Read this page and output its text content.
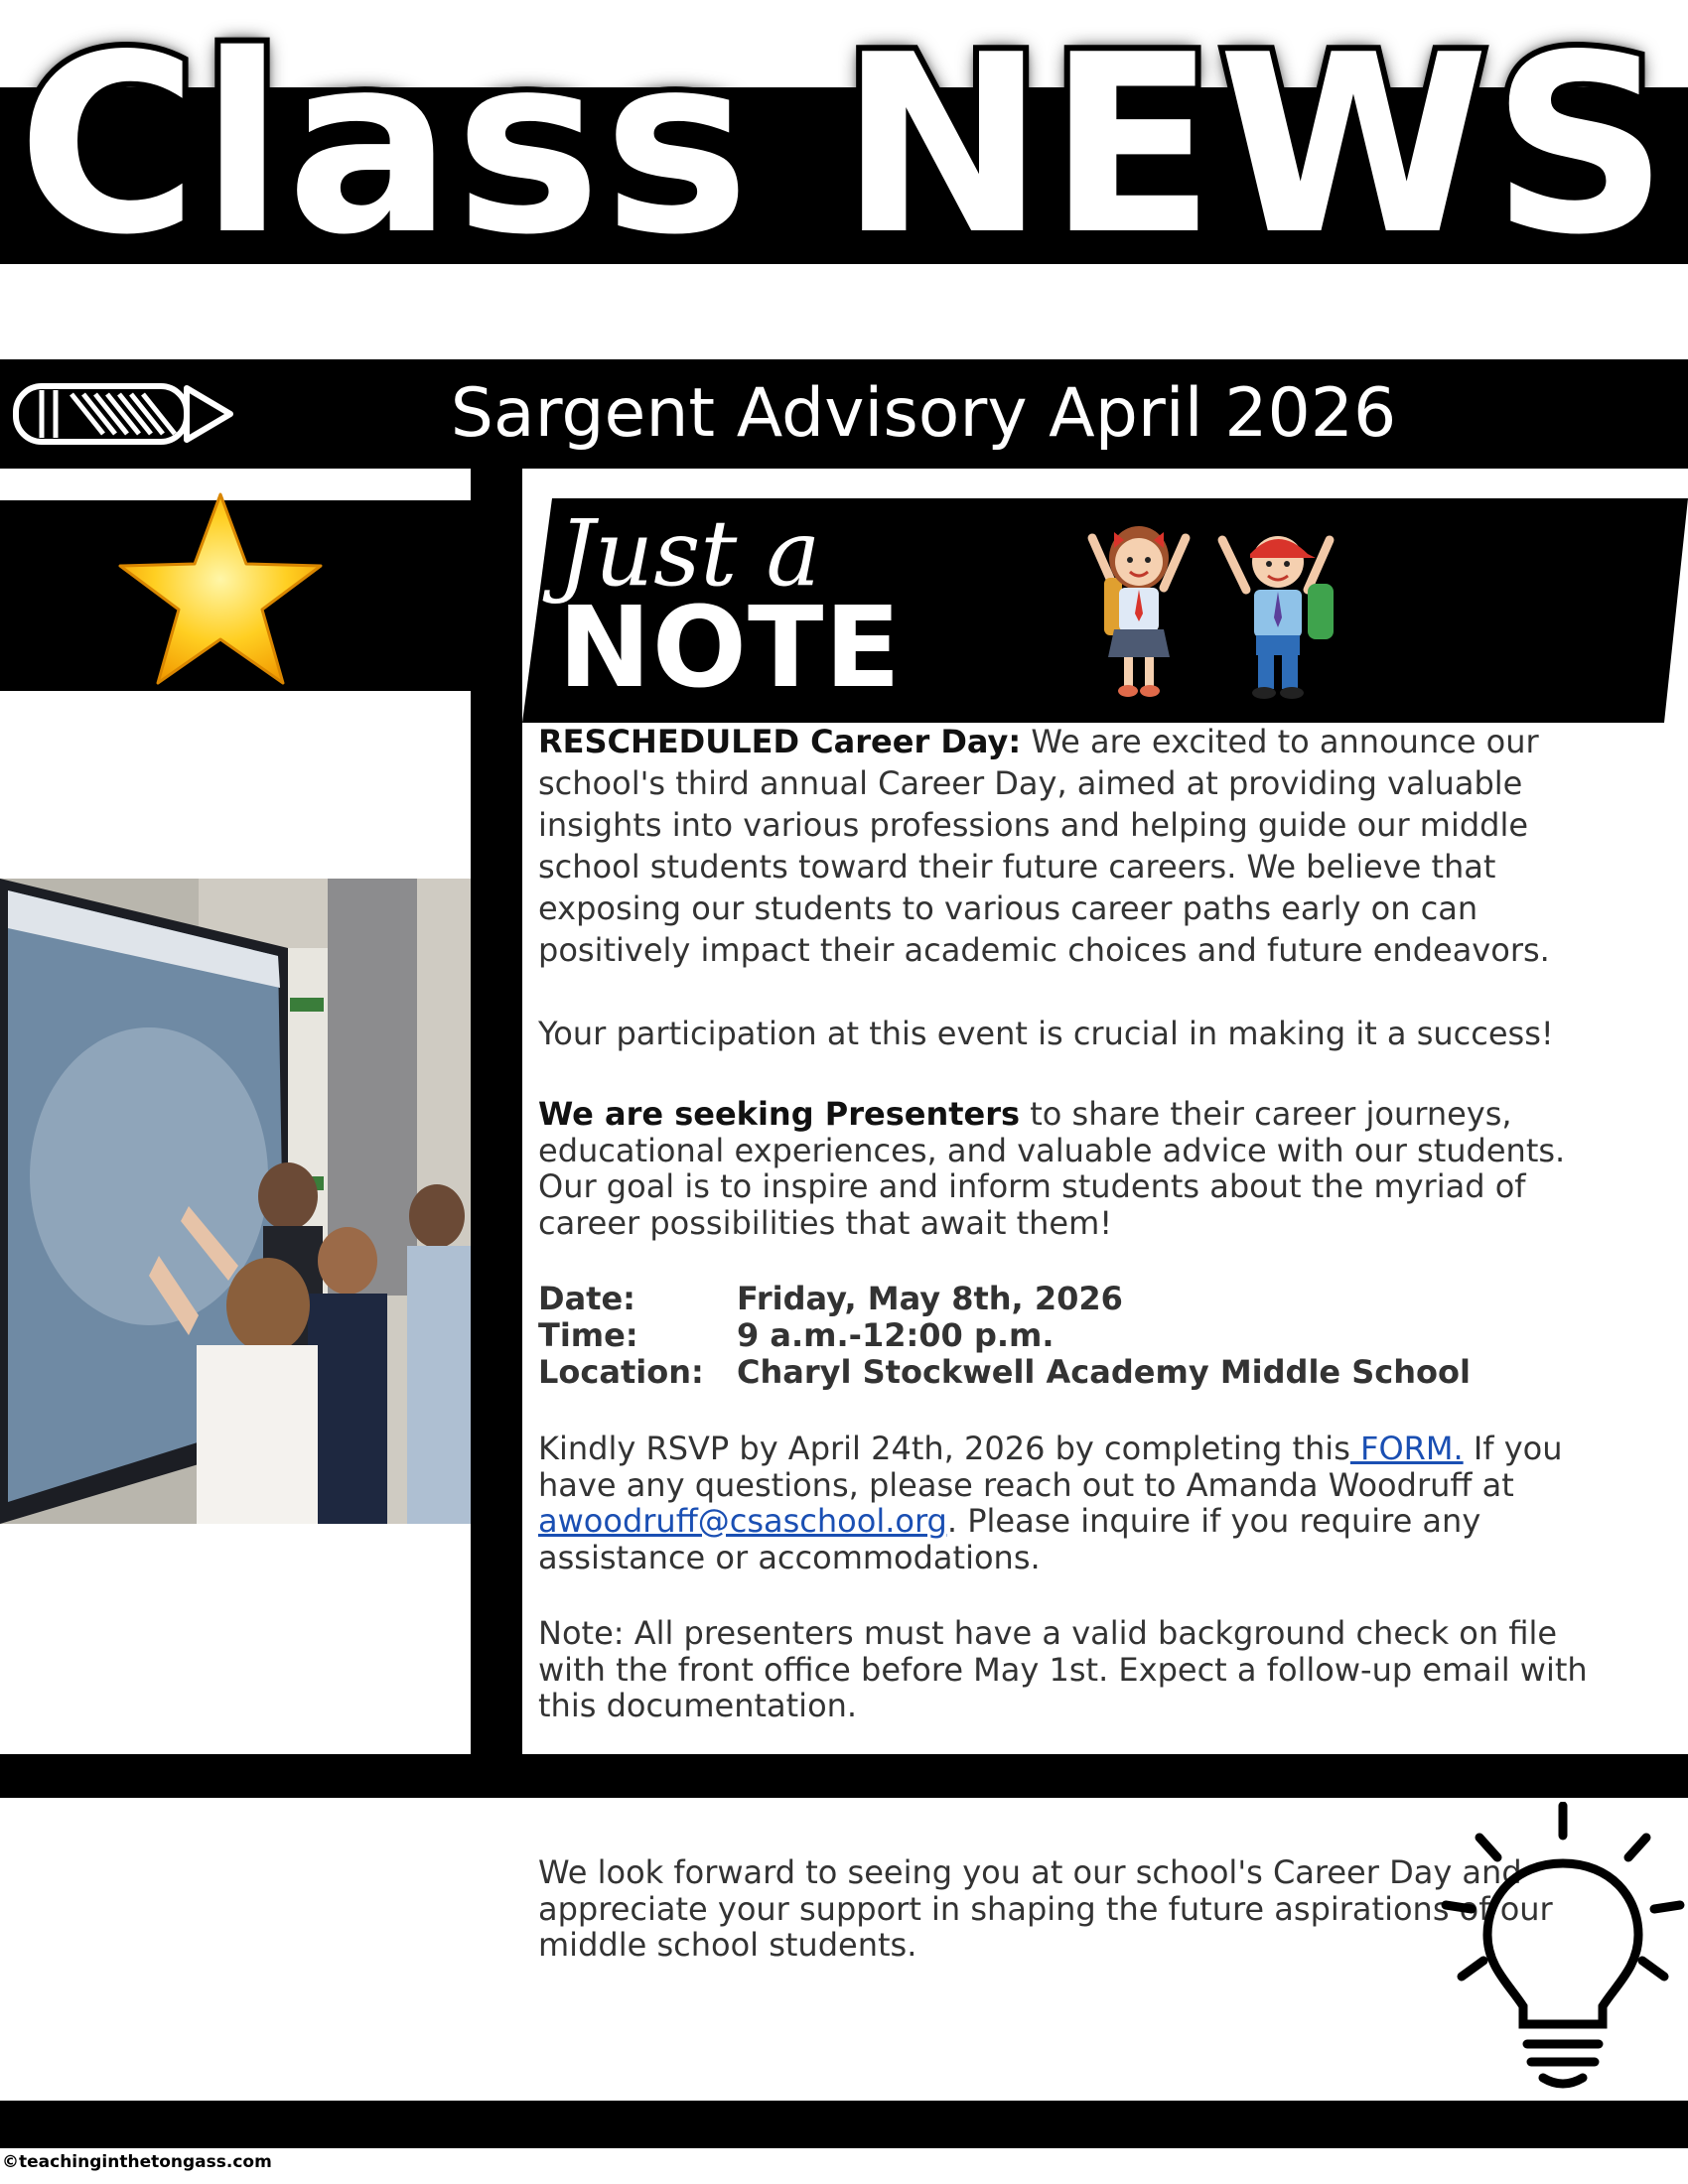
Class NEWS
Sargent Advisory April 2026
Just a
NOTE

RESCHEDULED Career Day: We are excited to announce our school's third annual Career Day, aimed at providing valuable insights into various professions and helping guide our middle school students toward their future careers. We believe that exposing our students to various career paths early on can positively impact their academic choices and future endeavors.

Your participation at this event is crucial in making it a success!

We are seeking Presenters to share their career journeys, educational experiences, and valuable advice with our students. Our goal is to inspire and inform students about the myriad of career possibilities that await them!

Date:	Friday, May 8th, 2026
Time:	9 a.m.-12:00 p.m.
Location:	Charyl Stockwell Academy Middle School

Kindly RSVP by April 24th, 2026 by completing this FORM. If you have any questions, please reach out to Amanda Woodruff at awoodruff@csaschool.org. Please inquire if you require any assistance or accommodations.

Note: All presenters must have a valid background check on file with the front office before May 1st. Expect a follow-up email with this documentation.

We look forward to seeing you at our school's Career Day and appreciate your support in shaping the future aspirations of our middle school students.

©teachinginthetongass.com
